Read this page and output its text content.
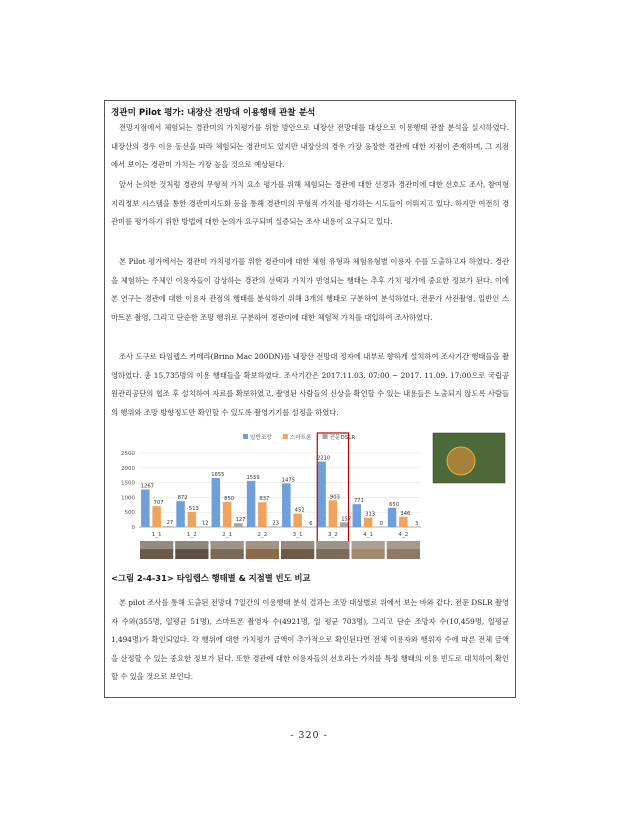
경관미 Pilot 평가: 내장산 전망대 이용행태 관찰 분석

전망지점에서 체험되는 경관미의 가치평가를 위한 방안으로 내장산 전망대를 대상으로 이용행태 관찰 분석을 실시하였다. 내장산의 경우 이용 동선을 따라 체험되는 경관미도 있지만 내장산의 경우 가장 웅장한 경관에 대한 지점이 존재하며, 그 지점에서 보이는 경관미 가치는 가장 높을 것으로 예상된다.

앞서 논의한 것처럼 경관의 무형적 가치 요소 평가를 위해 체험되는 경관에 대한 선경과 경관미에 대한 선호도 조사, 참여형 지리정보 시스템을 통한 경관미지도화 등을 통해 경관미의 무형적 가치를 평가하는 시도들이 이뤄지고 있다. 하지만 여전히 경관미를 평가하기 위한 방법에 대한 논의가 요구되며 실증되는 조사 내용이 요구되고 있다.

본 Pilot 평가에서는 경관미 가치평가를 위한 경관미에 대한 체험 유형과 체험유형별 이용자 수를 도출하고자 하였다. 경관을 체험하는 주체인 이용자들이 감상하는 경관의 선택과 가치가 반영되는 행태는 추후 가치 평가에 중요한 정보가 된다. 이에 본 연구는 경관에 대한 이용자 관점의 행태를 분석하기 위해 3개의 행태로 구분하여 분석하였다. 전문가 사진촬영, 일반인 스마트폰 촬영, 그리고 단순한 조망 행위로 구분하여 경관미에 대한 체험적 가치를 대입하여 조사하였다.

조사 도구로 타임랩스 카메라(Brino Mac 200DN)를 내장산 전망대 정자에 내부로 향하게 설치하여 조사기간 행태들을 촬영하였다. 총 15,735명의 이용 행태들을 확보하였다. 조사기간은 2017.11.03. 07:00 ~ 2017. 11.09. 17:00으로 국립공원관리공단의 협조 후 설치하여 자료를 확보하였고, 촬영된 사람들의 신상을 확인할 수 있는 내용들은 노출되지 않도록 사람들의 행위와 조망 방향정도만 확인할 수 있도록 촬영기기를 설정을 하였다.

0
500
1000
1500
2000
2500
일반조망	스마트폰	전문DSLR
1267
707
27
1_1
872
513
12
1_2
1655
850
127
2_1
1559
837
23
2_2
1475
452
6
3_1
2210
903
157
3_2
771
313
0
4_1
650
346
3
4_2
<그림 2-4-31> 타임랩스 행태별 & 지점별 빈도 비교

본 pilot 조사를 통해 도출된 전망대 7일간의 이용행태 분석 결과는 조망 대상별로 위에서 보는 바와 같다. 전문 DSLR 촬영자 수와(355명, 일평균 51명), 스마트폰 촬영자 수(4921명, 일 평균 703명), 그리고 단순 조망자 수(10,459명, 일평균 1,494명)가 확인되었다. 각 행위에 대한 가치평가 금액이 추가적으로 확인된다면 전체 이용자와 행위자 수에 따른 전체 금액을 산정할 수 있는 중요한 정보가 된다. 또한 경관에 대한 이용자들의 선호라는 가치를 특정 행태의 이용 빈도로 대치하여 확인할 수 있을 것으로 보인다.

- 320 -
